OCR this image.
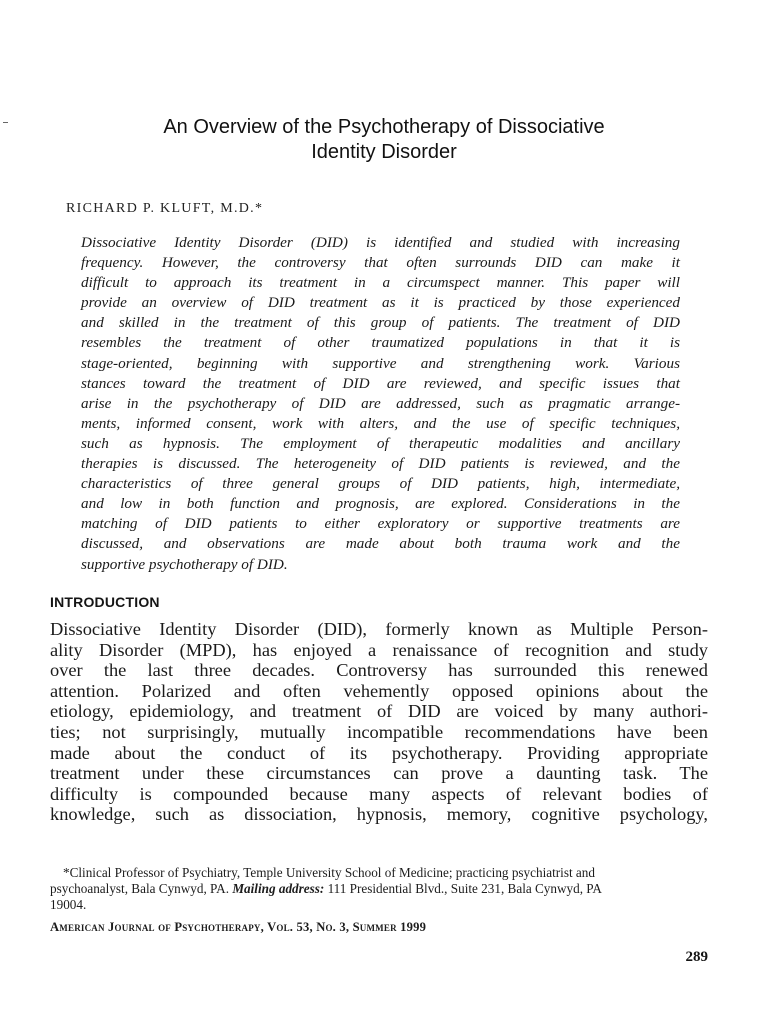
An Overview of the Psychotherapy of Dissociative
Identity Disorder
RICHARD P. KLUFT, M.D.*
Dissociative Identity Disorder (DID) is identified and studied with increasing
frequency. However, the controversy that often surrounds DID can make it
difficult to approach its treatment in a circumspect manner. This paper will
provide an overview of DID treatment as it is practiced by those experienced
and skilled in the treatment of this group of patients. The treatment of DID
resembles the treatment of other traumatized populations in that it is
stage-oriented, beginning with supportive and strengthening work. Various
stances toward the treatment of DID are reviewed, and specific issues that
arise in the psychotherapy of DID are addressed, such as pragmatic arrange-
ments, informed consent, work with alters, and the use of specific techniques,
such as hypnosis. The employment of therapeutic modalities and ancillary
therapies is discussed. The heterogeneity of DID patients is reviewed, and the
characteristics of three general groups of DID patients, high, intermediate,
and low in both function and prognosis, are explored. Considerations in the
matching of DID patients to either exploratory or supportive treatments are
discussed, and observations are made about both trauma work and the
supportive psychotherapy of DID.
INTRODUCTION
Dissociative Identity Disorder (DID), formerly known as Multiple Person-
ality Disorder (MPD), has enjoyed a renaissance of recognition and study
over the last three decades. Controversy has surrounded this renewed
attention. Polarized and often vehemently opposed opinions about the
etiology, epidemiology, and treatment of DID are voiced by many authori-
ties; not surprisingly, mutually incompatible recommendations have been
made about the conduct of its psychotherapy. Providing appropriate
treatment under these circumstances can prove a daunting task. The
difficulty is compounded because many aspects of relevant bodies of
knowledge, such as dissociation, hypnosis, memory, cognitive psychology,
*Clinical Professor of Psychiatry, Temple University School of Medicine; practicing psychiatrist and
psychoanalyst, Bala Cynwyd, PA. Mailing address: 111 Presidential Blvd., Suite 231, Bala Cynwyd, PA
19004.
American Journal of Psychotherapy, Vol. 53, No. 3, Summer 1999
289
